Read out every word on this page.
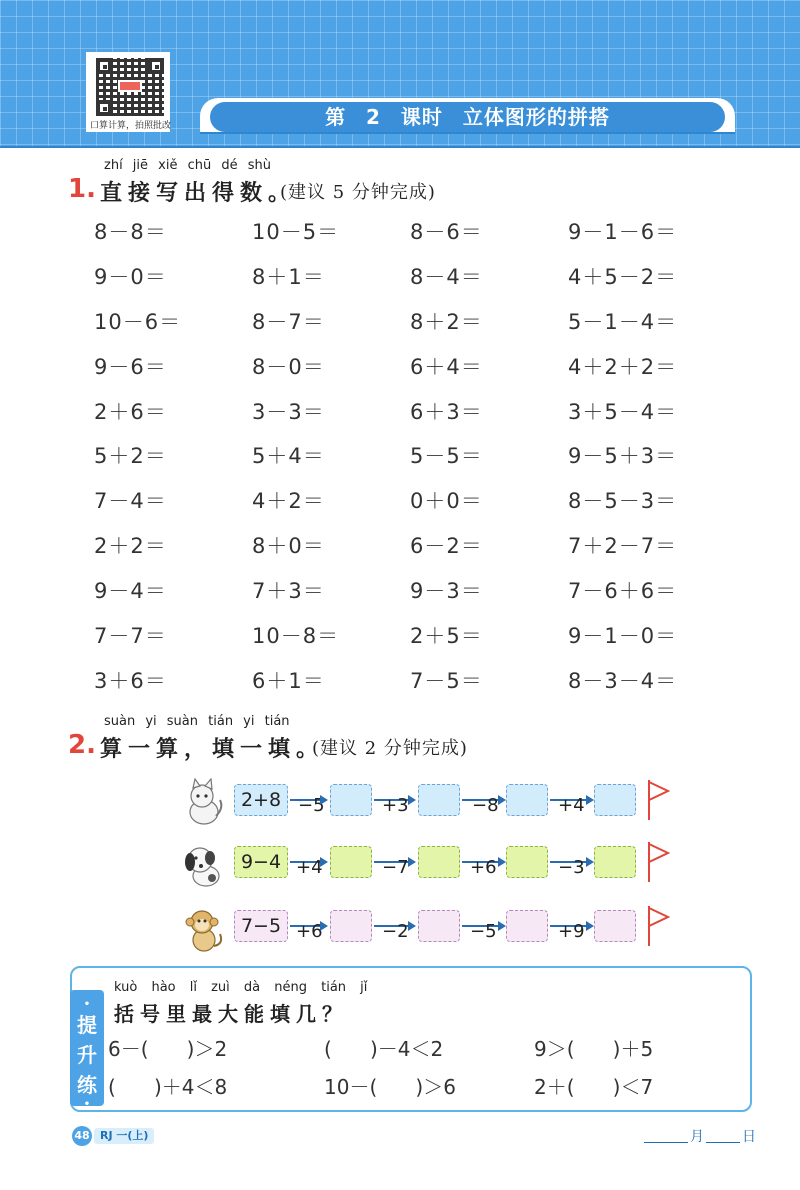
口算计算，拍照批改	第 2 课时 立体图形的拼搭
zhí jiē xiě chū dé shù
1. 直接写出得数。
(建议 5 分钟完成)
8－8＝	10－5＝	8－6＝	9－1－6＝
9－0＝	8＋1＝	8－4＝	4＋5－2＝
10－6＝	8－7＝	8＋2＝	5－1－4＝
9－6＝	8－0＝	6＋4＝	4＋2＋2＝
2＋6＝	3－3＝	6＋3＝	3＋5－4＝
5＋2＝	5＋4＝	5－5＝	9－5＋3＝
7－4＝	4＋2＝	0＋0＝	8－5－3＝
2＋2＝	8＋0＝	6－2＝	7＋2－7＝
9－4＝	7＋3＝	9－3＝	7－6＋6＝
7－7＝	10－8＝	2＋5＝	9－1－0＝
3＋6＝	6＋1＝	7－5＝	8－3－4＝
suàn yi suàn tián yi tián
2. 算一算，填一填。
(建议 2 分钟完成)
2+8 −5	+3	−8	+4
9−4 +4	−7	+6	−3
7−5 +6	−2	−5	+9
•
提
升
练
•
kuò hào lǐ zuì dà néng tián jǐ
括号里最大能填几？
6－(      )＞2	(      )－4＜2	9＞(      )＋5
(      )＋4＜8	10－(      )＞6	2＋(      )＜7
48 RJ 一(上)	月	日
